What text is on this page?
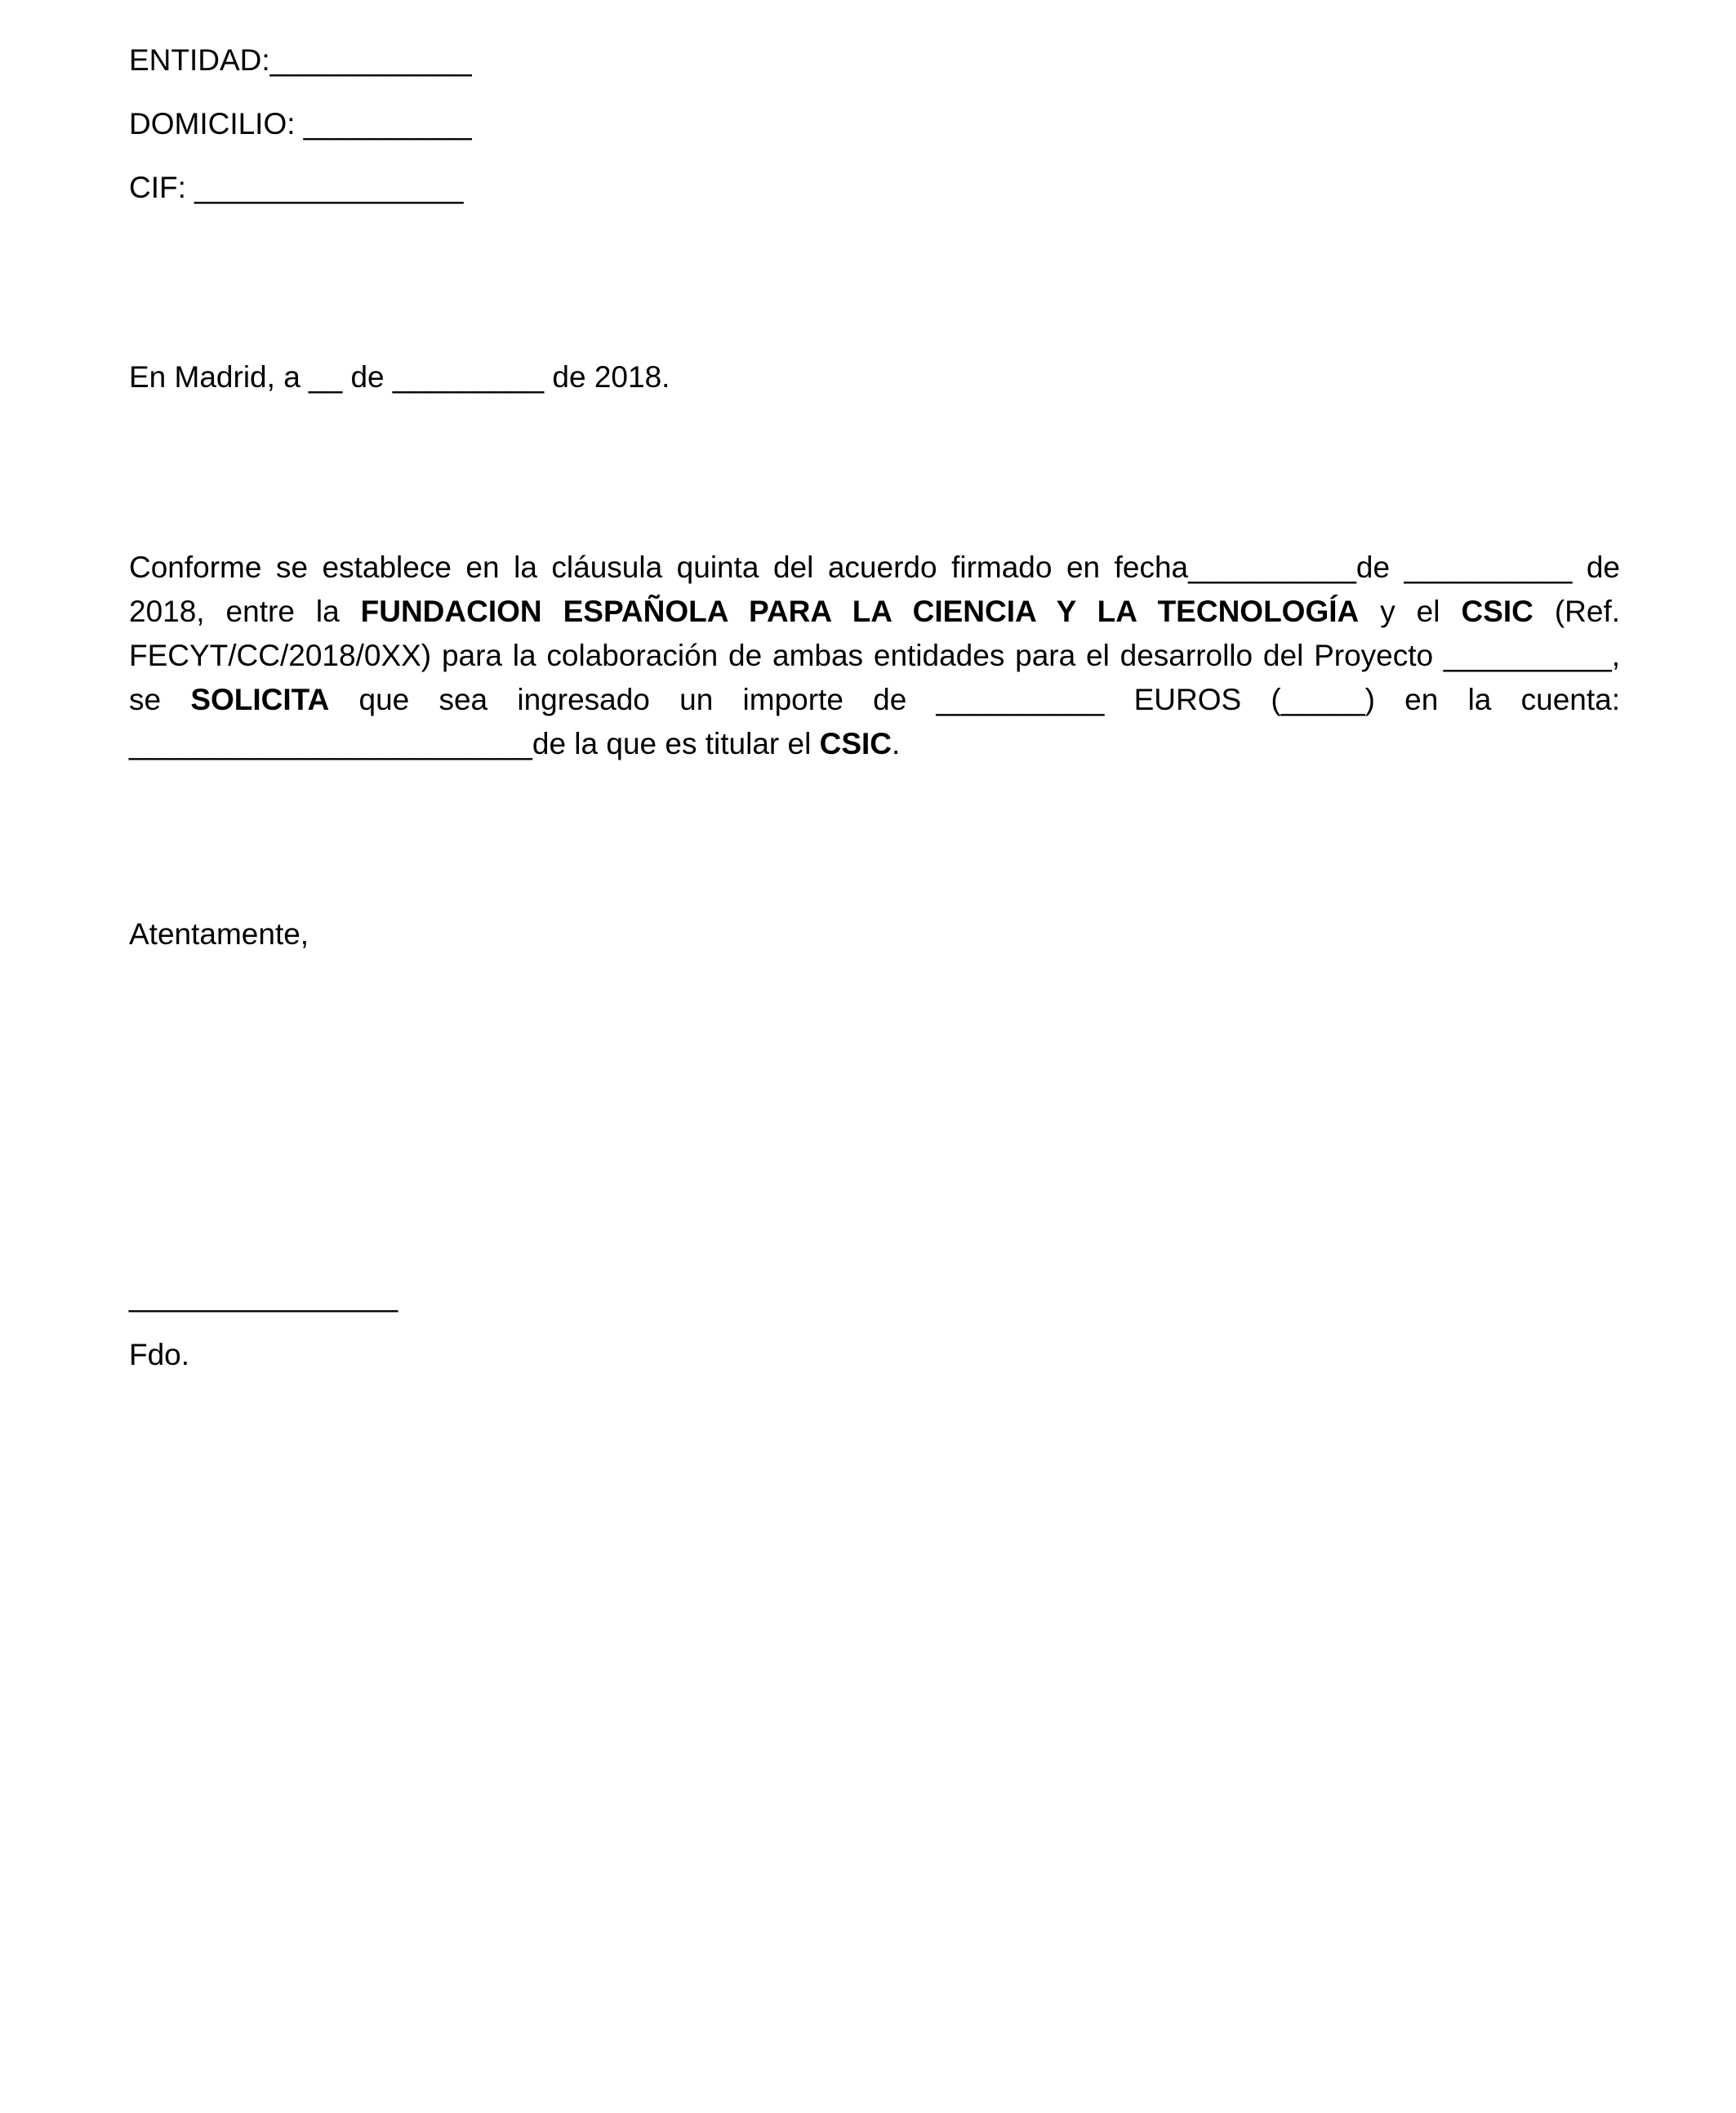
ENTIDAD:____________
DOMICILIO: __________
CIF: ________________
En Madrid, a __ de _________ de 2018.
Conforme se establece en la cláusula quinta del acuerdo firmado en fecha__________de __________ de 2018, entre la FUNDACION ESPAÑOLA PARA LA CIENCIA Y LA TECNOLOGÍA y el CSIC (Ref. FECYT/CC/2018/0XX) para la colaboración de ambas entidades para el desarrollo del Proyecto __________, se SOLICITA que sea ingresado un importe de __________ EUROS (_____) en la cuenta: ________________________de la que es titular el CSIC.
Atentamente,
________________
Fdo.
